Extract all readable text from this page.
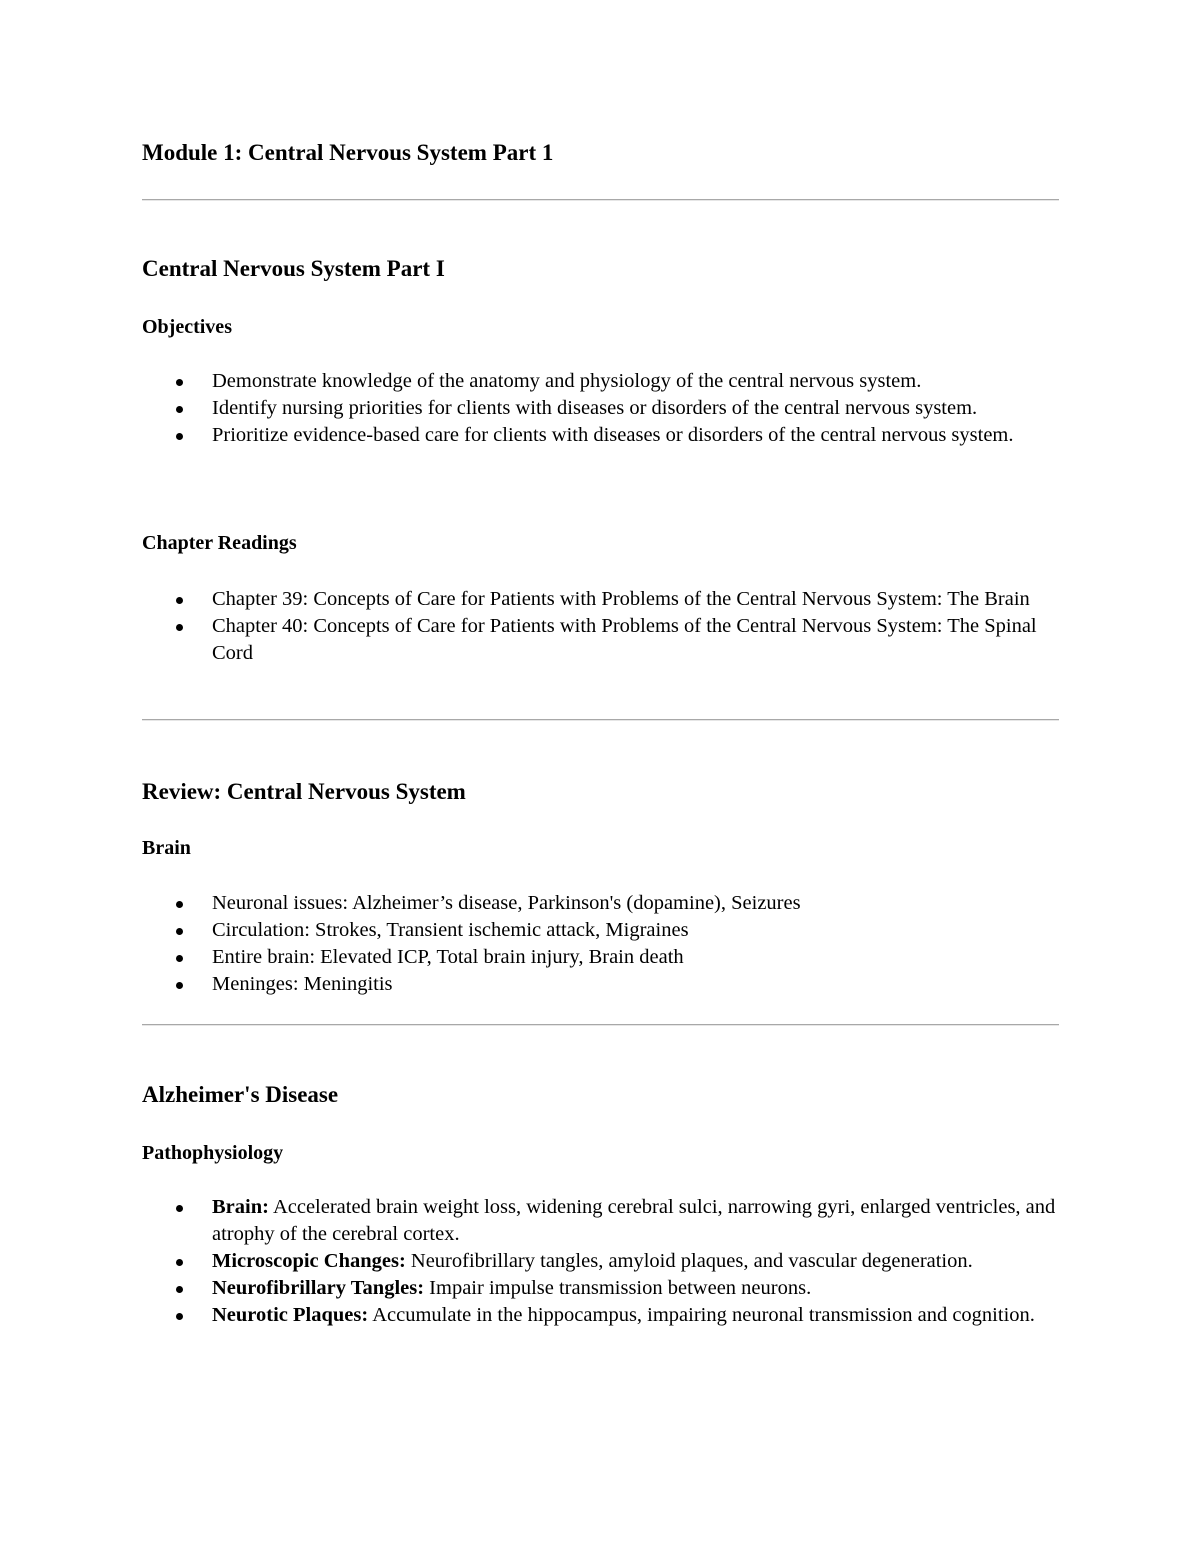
Module 1: Central Nervous System Part 1
Central Nervous System Part I
Objectives
Demonstrate knowledge of the anatomy and physiology of the central nervous system.
Identify nursing priorities for clients with diseases or disorders of the central nervous system.
Prioritize evidence-based care for clients with diseases or disorders of the central nervous system.
Chapter Readings
Chapter 39: Concepts of Care for Patients with Problems of the Central Nervous System: The Brain
Chapter 40: Concepts of Care for Patients with Problems of the Central Nervous System: The Spinal Cord
Review: Central Nervous System
Brain
Neuronal issues: Alzheimer’s disease, Parkinson's (dopamine), Seizures
Circulation: Strokes, Transient ischemic attack, Migraines
Entire brain: Elevated ICP, Total brain injury, Brain death
Meninges: Meningitis
Alzheimer's Disease
Pathophysiology
Brain: Accelerated brain weight loss, widening cerebral sulci, narrowing gyri, enlarged ventricles, and atrophy of the cerebral cortex.
Microscopic Changes: Neurofibrillary tangles, amyloid plaques, and vascular degeneration.
Neurofibrillary Tangles: Impair impulse transmission between neurons.
Neurotic Plaques: Accumulate in the hippocampus, impairing neuronal transmission and cognition.
